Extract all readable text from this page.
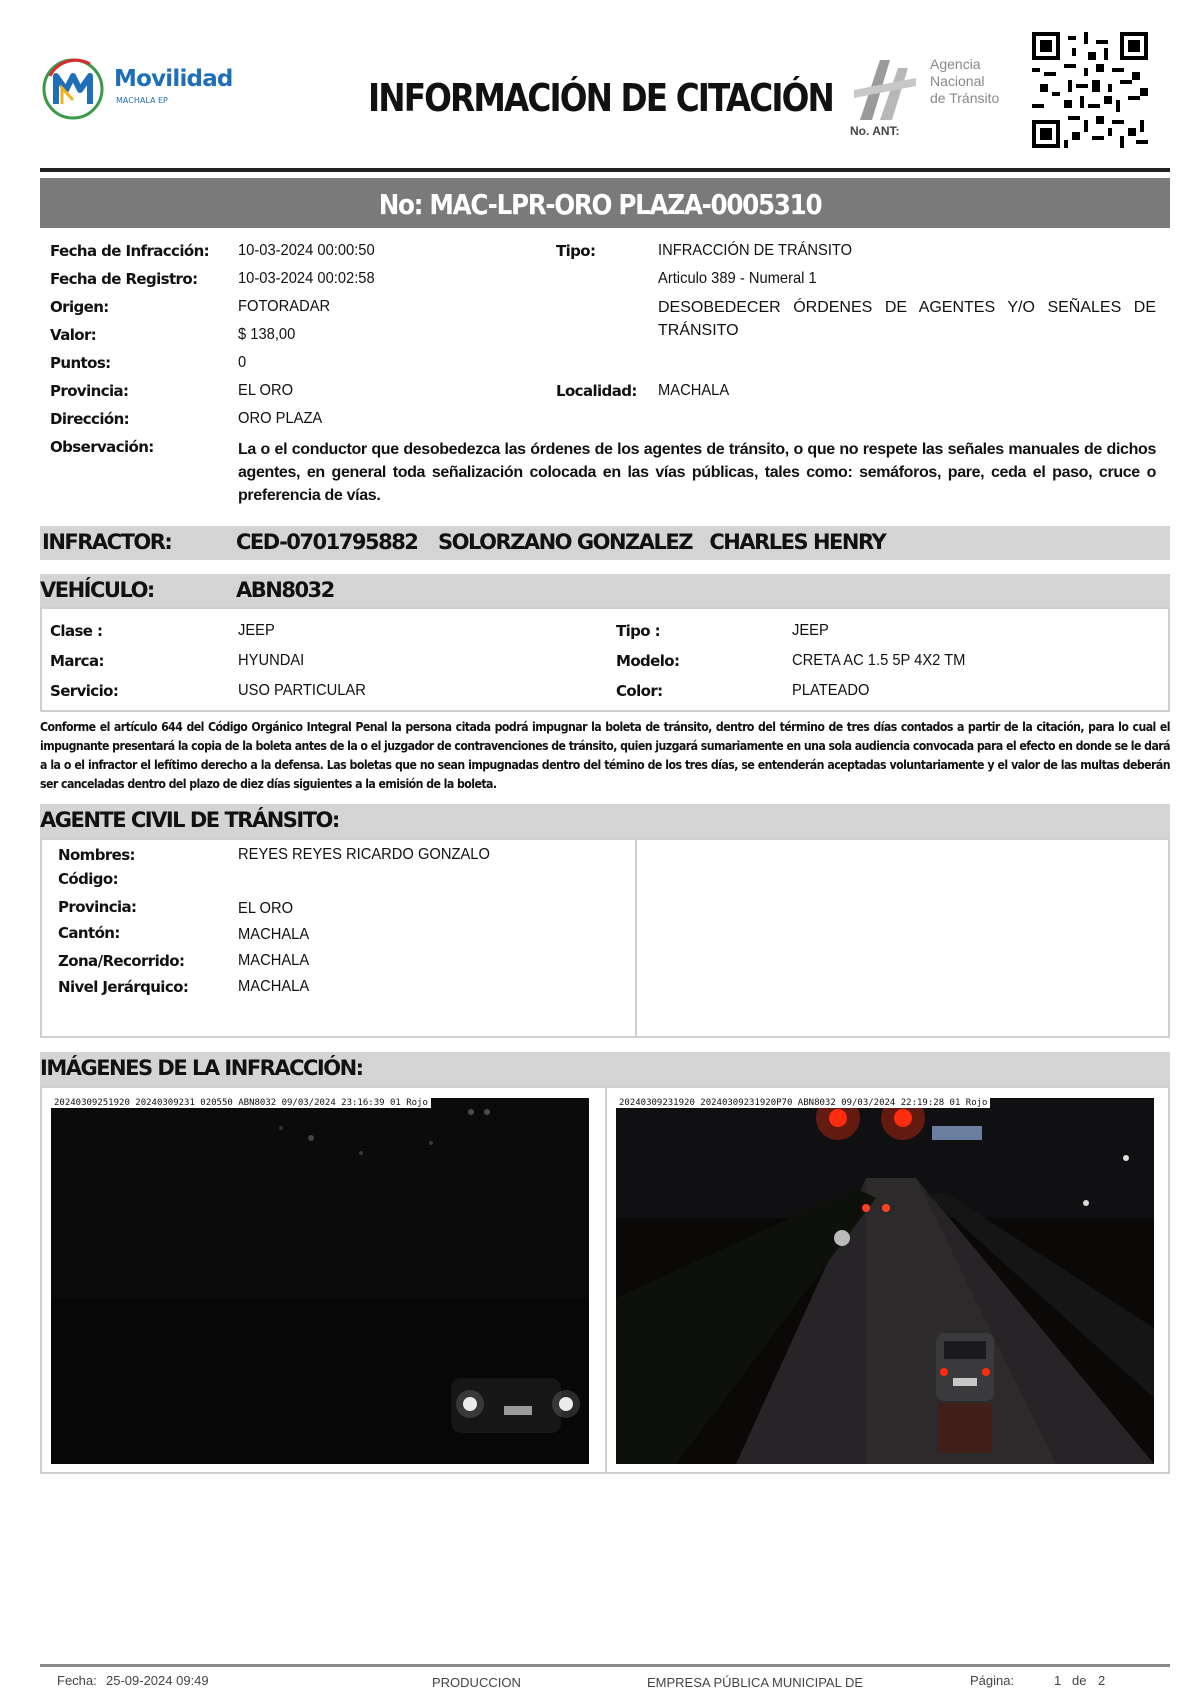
Movilidad
MACHALA EP	INFORMACIÓN DE CITACIÓN
Agencia
Nacional
de Tránsito
No. ANT:
No: MAC-LPR-ORO PLAZA-0005310
Fecha de Infracción: 10-03-2024 00:00:50
Fecha de Registro:	10-03-2024 00:02:58
Origen:	FOTORADAR
Valor:	$ 138,00
Puntos:	0
Provincia:	EL ORO
Dirección:	ORO PLAZA
Observación:	La o el conductor que desobedezca las órdenes de los agentes de tránsito, o que no respete las señales manuales de dichos agentes, en general toda señalización colocada en las vías públicas, tales como: semáforos, pare, ceda el paso, cruce o preferencia de vías.
Tipo:	INFRACCIÓN DE TRÁNSITO
Articulo 389 - Numeral 1
DESOBEDECER ÓRDENES DE AGENTES Y/O SEÑALES DE TRÁNSITO
Localidad: MACHALA
INFRACTOR:	CED-0701795882 SOLORZANO GONZALEZ   CHARLES HENRY
VEHÍCULO:	ABN8032
Clase :	JEEP
Marca:	HYUNDAI
Servicio:	USO PARTICULAR
Tipo :	JEEP
Modelo:	CRETA AC 1.5 5P 4X2 TM
Color:	PLATEADO
Conforme el artículo 644 del Código Orgánico Integral Penal la persona citada podrá impugnar la boleta de tránsito, dentro del término de tres días contados a partir de la citación, para lo cual el impugnante presentará la copia de la boleta antes de la o el juzgador de contravenciones de tránsito, quien juzgará sumariamente en una sola audiencia convocada para el efecto en donde se le dará a la o el infractor el lefítimo derecho a la defensa. Las boletas que no sean impugnadas dentro del témino de los tres días, se entenderán aceptadas voluntariamente y el valor de las multas deberán ser canceladas dentro del plazo de diez días siguientes a la emisión de la boleta.
AGENTE CIVIL DE TRÁNSITO:
Nombres:	REYES REYES RICARDO GONZALO
Código:
Provincia:	EL ORO
Cantón:	MACHALA
Zona/Recorrido:	MACHALA
Nivel Jerárquico:	MACHALA
IMÁGENES DE LA INFRACCIÓN:
20240309251920 20240309231 020550 ABN8032 09/03/2024 23:16:39 01 Rojo	20240309231920 20240309231920P70 ABN8032 09/03/2024 22:19:28 01 Rojo
Fecha: 25-09-2024 09:49	PRODUCCION	EMPRESA PÚBLICA MUNICIPAL DE	Página:	1 de 2
